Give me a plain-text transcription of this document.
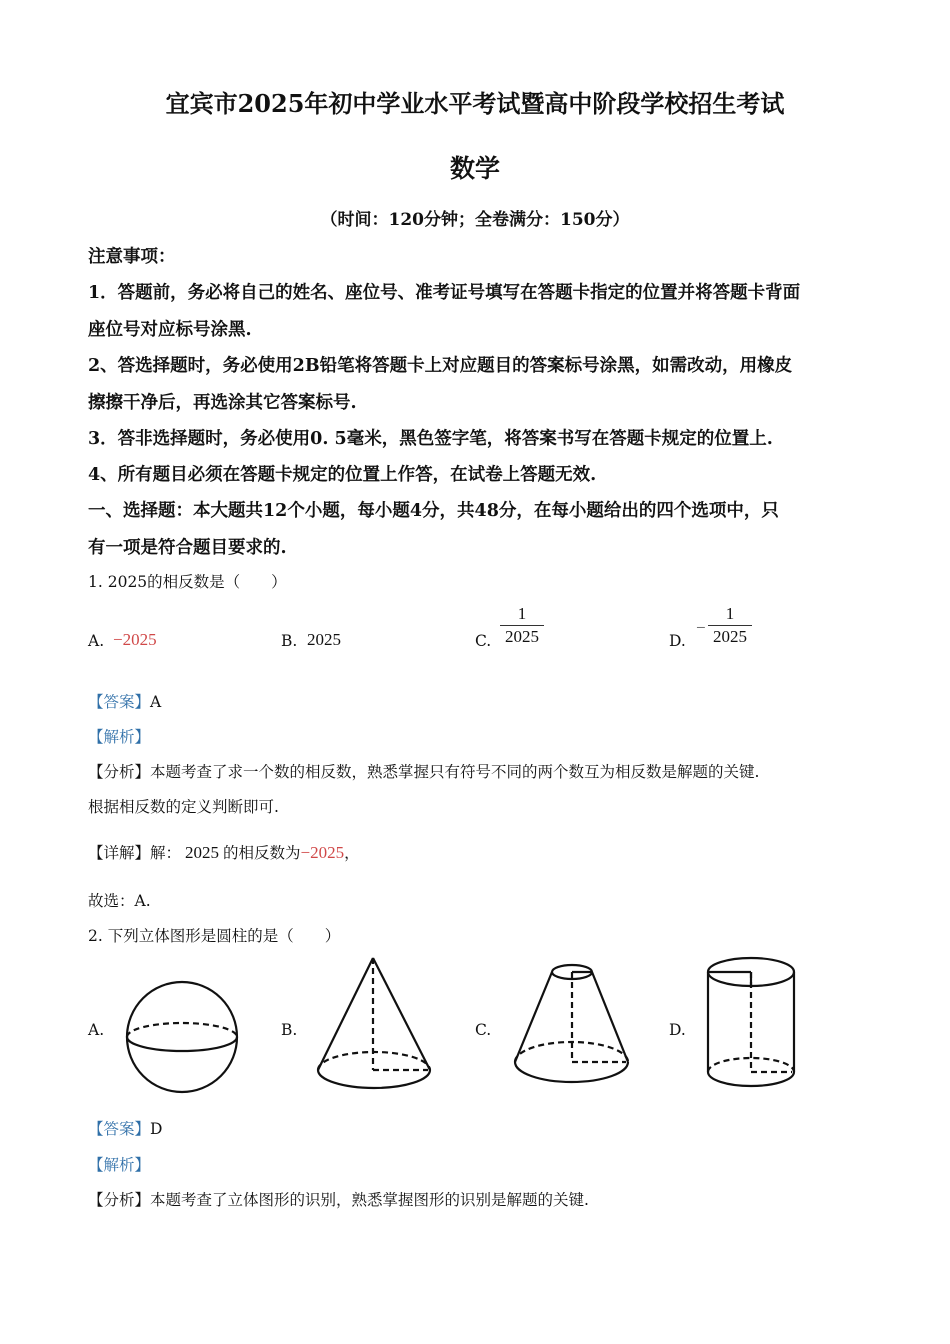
宜宾市2025年初中学业水平考试暨高中阶段学校招生考试
数学
（时间：120分钟；全卷满分：150分）
注意事项：
1．答题前，务必将自己的姓名、座位号、准考证号填写在答题卡指定的位置并将答题卡背面
座位号对应标号涂黑.
2、答选择题时，务必使用2B铅笔将答题卡上对应题目的答案标号涂黑，如需改动，用橡皮
擦擦干净后，再选涂其它答案标号.
3．答非选择题时，务必使用0. 5毫米，黑色签字笔，将答案书写在答题卡规定的位置上.
4、所有题目必须在答题卡规定的位置上作答，在试卷上答题无效.
一、选择题：本大题共12个小题，每小题4分，共48分，在每小题给出的四个选项中，只
有一项是符合题目要求的.
1. 2025的相反数是（　　）
A. −2025	B. 2025	C.
1
2025	D.
−
1
2025
【答案】A
【解析】
【分析】本题考查了求一个数的相反数，熟悉掌握只有符号不同的两个数互为相反数是解题的关键.
根据相反数的定义判断即可.
【详解】解： 2025 的相反数为−2025，
故选：A.
2. 下列立体图形是圆柱的是（　　）
A.	B.	C.	D.
【答案】D
【解析】
【分析】本题考查了立体图形的识别，熟悉掌握图形的识别是解题的关键.
